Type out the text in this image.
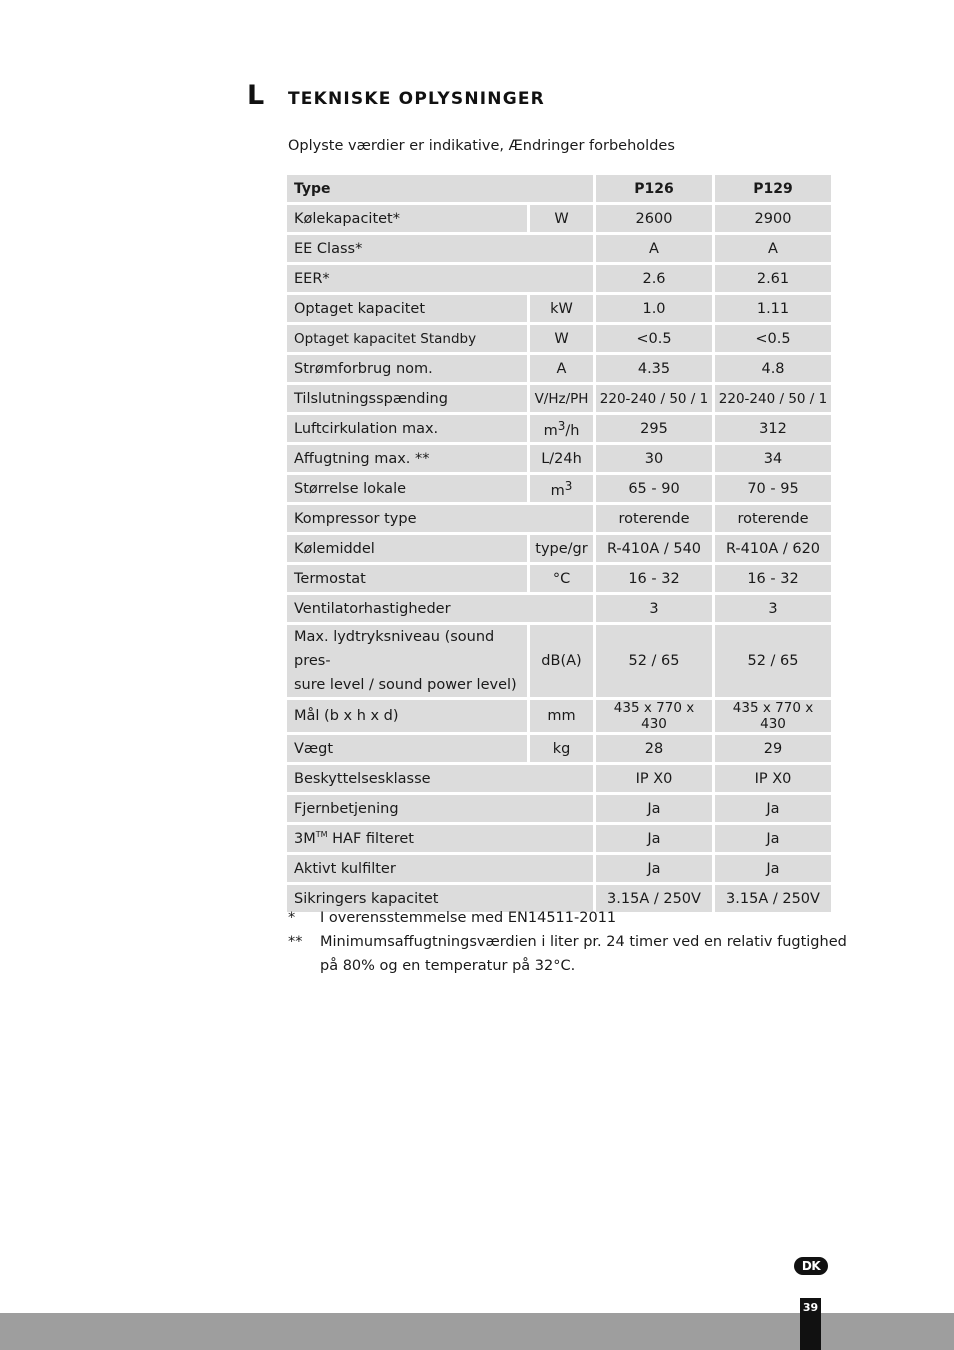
L TEKNISKE OPLYSNINGER
Oplyste værdier er indikative, Ændringer forbeholdes
Type		P126	P129
Kølekapacitet*	W	2600	2900
EE Class*		A	A
EER*		2.6	2.61
Optaget kapacitet	kW	1.0	1.11
Optaget kapacitet Standby	W	<0.5	<0.5
Strømforbrug nom.	A	4.35	4.8
Tilslutningsspænding	V/Hz/PH	220-240 / 50 / 1	220-240 / 50 / 1
Luftcirkulation max.	$m^3/h$	295	312
Affugtning max. **	L/24h	30	34
Størrelse lokale	$m^3$	65 - 90	70 - 95
Kompressor type		roterende	roterende
Kølemiddel	type/gr	R-410A / 540	R-410A / 620
Termostat	°C	16 - 32	16 - 32
Ventilatorhastigheder		3	3
Max. lydtryksniveau (sound pres-
sure level / sound power level)	dB(A)	52 / 65	52 / 65
Mål (b x h x d)	mm	435 x 770 x 430	435 x 770 x 430
Vægt	kg	28	29
Beskyttelsesklasse		IP X0	IP X0
Fjernbetjening		Ja	Ja
3M™ HAF filteret		Ja	Ja
Aktivt kulfilter		Ja	Ja
Sikringers kapacitet		3.15A / 250V	3.15A / 250V
*	I overensstemmelse med EN14511-2011
**	Minimumsaffugtningsværdien i liter pr. 24 timer ved en relativ fugtighed på 80% og en temperatur på 32°C.
DK
39
